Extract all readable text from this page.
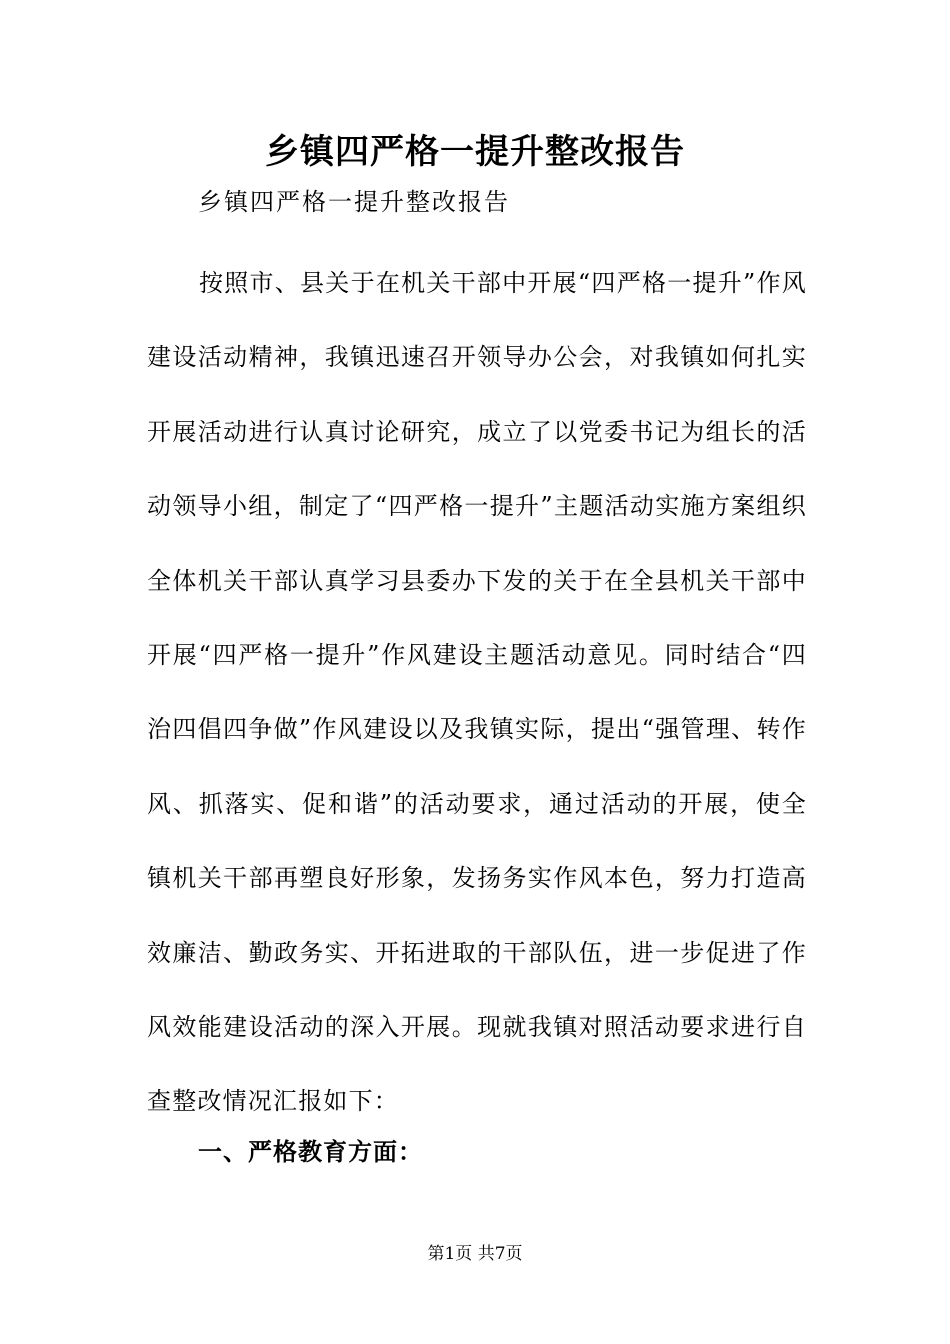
乡镇四严格一提升整改报告

乡镇四严格一提升整改报告

按照市、县关于在机关干部中开展“四严格一提升”作风建设活动精神，我镇迅速召开领导办公会，对我镇如何扎实开展活动进行认真讨论研究，成立了以党委书记为组长的活动领导小组，制定了“四严格一提升”主题活动实施方案组织全体机关干部认真学习县委办下发的关于在全县机关干部中开展“四严格一提升”作风建设主题活动意见。同时结合“四治四倡四争做”作风建设以及我镇实际，提出“强管理、转作风、抓落实、促和谐”的活动要求，通过活动的开展，使全镇机关干部再塑良好形象，发扬务实作风本色，努力打造高效廉洁、勤政务实、开拓进取的干部队伍，进一步促进了作风效能建设活动的深入开展。现就我镇对照活动要求进行自查整改情况汇报如下：

一、严格教育方面：

第1页 共7页
